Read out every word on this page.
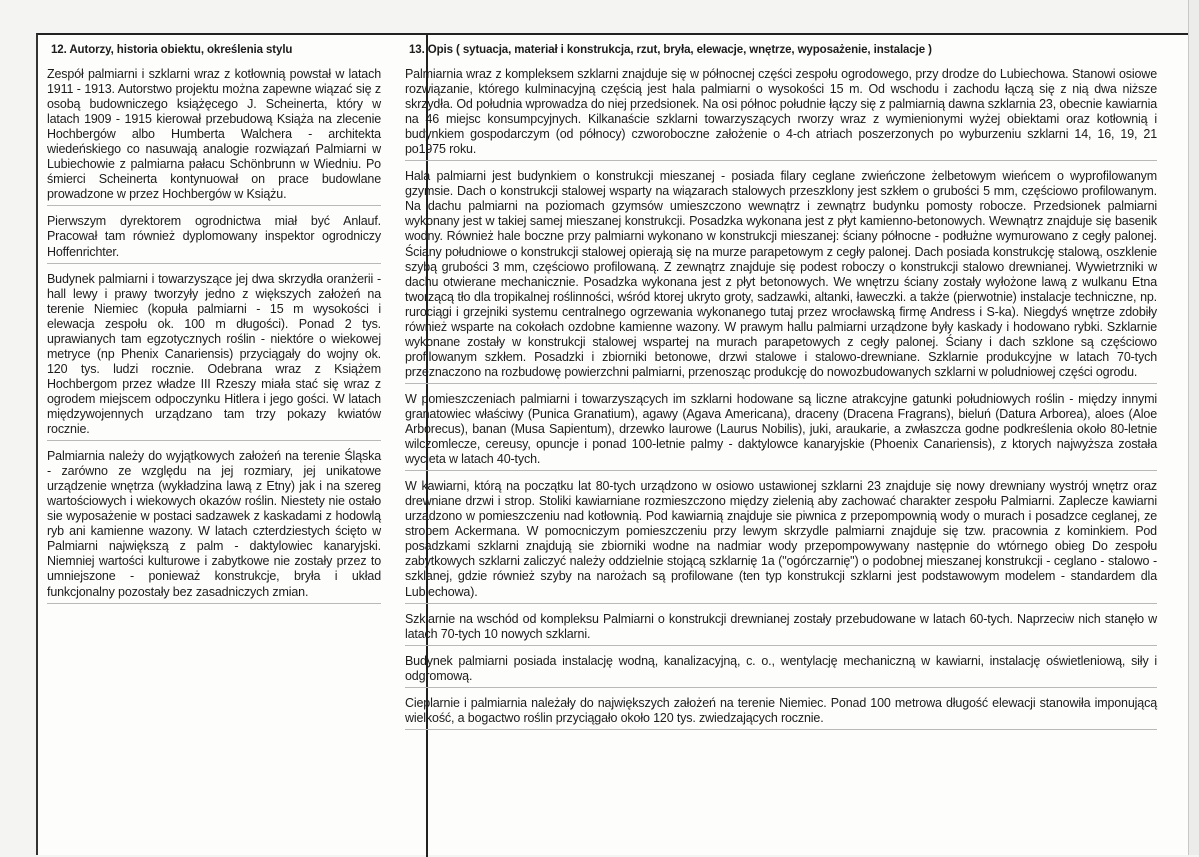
12. Autorzy, historia obiektu, określenia stylu
Zespół palmiarni i szklarni wraz z kotłownią powstał w latach 1911 - 1913. Autorstwo projektu można zapewne wiązać się z osobą budowniczego książęcego J. Scheinerta, który w latach 1909 - 1915 kierował przebudową Książa na zlecenie Hochbergów albo Humberta Walchera - architekta wiedeńskiego co nasuwają analogie rozwiązań Palmiarni w Lubiechowie z palmiarna pałacu Schönbrunn w Wiedniu. Po śmierci Scheinerta kontynuował on prace budowlane prowadzone w przez Hochbergów w Książu.
Pierwszym dyrektorem ogrodnictwa miał być Anlauf. Pracował tam również dyplomowany inspektor ogrodniczy Hoffenrichter.
Budynek palmiarni i towarzyszące jej dwa skrzydła oranżerii - hall lewy i prawy tworzyły jedno z większych założeń na terenie Niemiec (kopuła palmiarni - 15 m wysokości i elewacja zespołu ok. 100 m długości). Ponad 2 tys. uprawianych tam egzotycznych roślin - niektóre o wiekowej metryce (np Phenix Canariensis) przyciągały do wojny ok. 120 tys. ludzi rocznie. Odebrana wraz z Książem Hochbergom przez władze III Rzeszy miała stać się wraz z ogrodem miejscem odpoczynku Hitlera i jego gości. W latach międzywojennych urządzano tam trzy pokazy kwiatów rocznie.
Palmiarnia należy do wyjątkowych założeń na terenie Śląska - zarówno ze względu na jej rozmiary, jej unikatowe urządzenie wnętrza (wykładzina lawą z Etny) jak i na szereg wartościowych i wiekowych okazów roślin. Niestety nie ostało sie wyposażenie w postaci sadzawek z kaskadami z hodowlą ryb ani kamienne wazony. W latach czterdziestych ścięto w Palmiarni największą z palm - daktylowiec kanaryjski. Niemniej wartości kulturowe i zabytkowe nie zostały przez to umniejszone - ponieważ konstrukcje, bryła i układ funkcjonalny pozostały bez zasadniczych zmian.
13. Opis ( sytuacja, materiał i konstrukcja, rzut, bryła, elewacje, wnętrze, wyposażenie, instalacje )
Palmiarnia wraz z kompleksem szklarni znajduje się w północnej części zespołu ogrodowego, przy drodze do Lubiechowa. Stanowi osiowe rozwiązanie, którego kulminacyjną częścią jest hala palmiarni o wysokości 15 m. Od wschodu i zachodu łączą się z nią dwa niższe skrzydła. Od południa wprowadza do niej przedsionek. Na osi północ południe łączy się z palmiarnią dawna szklarnia 23, obecnie kawiarnia na 46 miejsc konsumpcyjnych. Kilkanaście szklarni towarzyszących rworzy wraz z wymienionymi wyżej obiektami oraz kotłownią i budynkiem gospodarczym (od północy) czworoboczne założenie o 4-ch atriach poszerzonych po wyburzeniu szklarni 14, 16, 19, 21 po1975 roku.
Hala palmiarni jest budynkiem o konstrukcji mieszanej - posiada filary ceglane zwieńczone żelbetowym wieńcem o wyprofilowanym gzymsie. Dach o konstrukcji stalowej wsparty na wiązarach stalowych przeszklony jest szkłem o grubości 5 mm, częściowo profilowanym. Na dachu palmiarni na poziomach gzymsów umieszczono wewnątrz i zewnątrz budynku pomosty robocze. Przedsionek palmiarni wykonany jest w takiej samej mieszanej konstrukcji. Posadzka wykonana jest z płyt kamienno-betonowych. Wewnątrz znajduje się basenik wodny. Również hale boczne przy palmiarni wykonano w konstrukcji mieszanej: ściany północne - podłużne wymurowano z cegły palonej. Ściany południowe o konstrukcji stalowej opierają się na murze parapetowym z cegły palonej. Dach posiada konstrukcję stalową, oszklenie szybą grubości 3 mm, częściowo profilowaną. Z zewnątrz znajduje się podest roboczy o konstrukcji stalowo drewnianej. Wywietrzniki w dachu otwierane mechanicznie. Posadzka wykonana jest z płyt betonowych. We wnętrzu ściany zostały wyłożone lawą z wulkanu Etna tworzącą tło dla tropikalnej roślinności, wśród ktorej ukryto groty, sadzawki, altanki, ławeczki. a także (pierwotnie) instalacje techniczne, np. rurociągi i grzejniki systemu centralnego ogrzewania wykonanego tutaj przez wrocławską firmę Andress i S-ka). Niegdyś wnętrze zdobiły również wsparte na cokołach ozdobne kamienne wazony. W prawym hallu palmiarni urządzone były kaskady i hodowano rybki. Szklarnie wykonane zostały w konstrukcji stalowej wspartej na murach parapetowych z cegły palonej. Ściany i dach szklone są częściowo profilowanym szkłem. Posadzki i zbiorniki betonowe, drzwi stalowe i stalowo-drewniane. Szklarnie produkcyjne w latach 70-tych przeznaczono na rozbudowę powierzchni palmiarni, przenosząc produkcję do nowozbudowanych szklarni w poludniowej części ogrodu.
W pomieszczeniach palmiarni i towarzyszących im szklarni hodowane są liczne atrakcyjne gatunki południowych roślin - między innymi granatowiec właściwy (Punica Granatium), agawy (Agava Americana), draceny (Dracena Fragrans), bieluń (Datura Arborea), aloes (Aloe Arborecus), banan (Musa Sapientum), drzewko laurowe (Laurus Nobilis), juki, araukarie, a zwłaszcza godne podkreślenia około 80-letnie wilczomlecze, cereusy, opuncje i ponad 100-letnie palmy - daktylowce kanaryjskie (Phoenix Canariensis), z ktorych najwyższa została wycieta w latach 40-tych.
W kawiarni, którą na początku lat 80-tych urządzono w osiowo ustawionej szklarni 23 znajduje się nowy drewniany wystrój wnętrz oraz drewniane drzwi i strop. Stoliki kawiarniane rozmieszczono między zielenią aby zachować charakter zespołu Palmiarni. Zaplecze kawiarni urzadzono w pomieszczeniu nad kotłownią. Pod kawiarnią znajduje sie piwnica z przepompownią wody o murach i posadzce ceglanej, ze stropem Ackermana. W pomocniczym pomieszczeniu przy lewym skrzydle palmiarni znajduje się tzw. pracownia z kominkiem. Pod posadzkami szklarni znajdują sie zbiorniki wodne na nadmiar wody przepompowywany następnie do wtórnego obieg Do zespołu zabytkowych szklarni zaliczyć należy oddzielnie stojącą szklarnię 1a ("ogórczarnię") o podobnej mieszanej konstrukcji - ceglano - stalowo - szklanej, gdzie również szyby na narożach są profilowane (ten typ konstrukcji szklarni jest podstawowym modelem - standardem dla Lubiechowa).
Szklarnie na wschód od kompleksu Palmiarni o konstrukcji drewnianej zostały przebudowane w latach 60-tych. Naprzeciw nich stanęło w latach 70-tych 10 nowych szklarni.
Budynek palmiarni posiada instalację wodną, kanalizacyjną, c. o., wentylację mechaniczną w kawiarni, instalację oświetleniową, siły i odgromową.
Cieplarnie i palmiarnia należały do największych założeń na terenie Niemiec. Ponad 100 metrowa długość elewacji stanowiła imponującą wielkość, a bogactwo roślin przyciągało około 120 tys. zwiedzających rocznie.
